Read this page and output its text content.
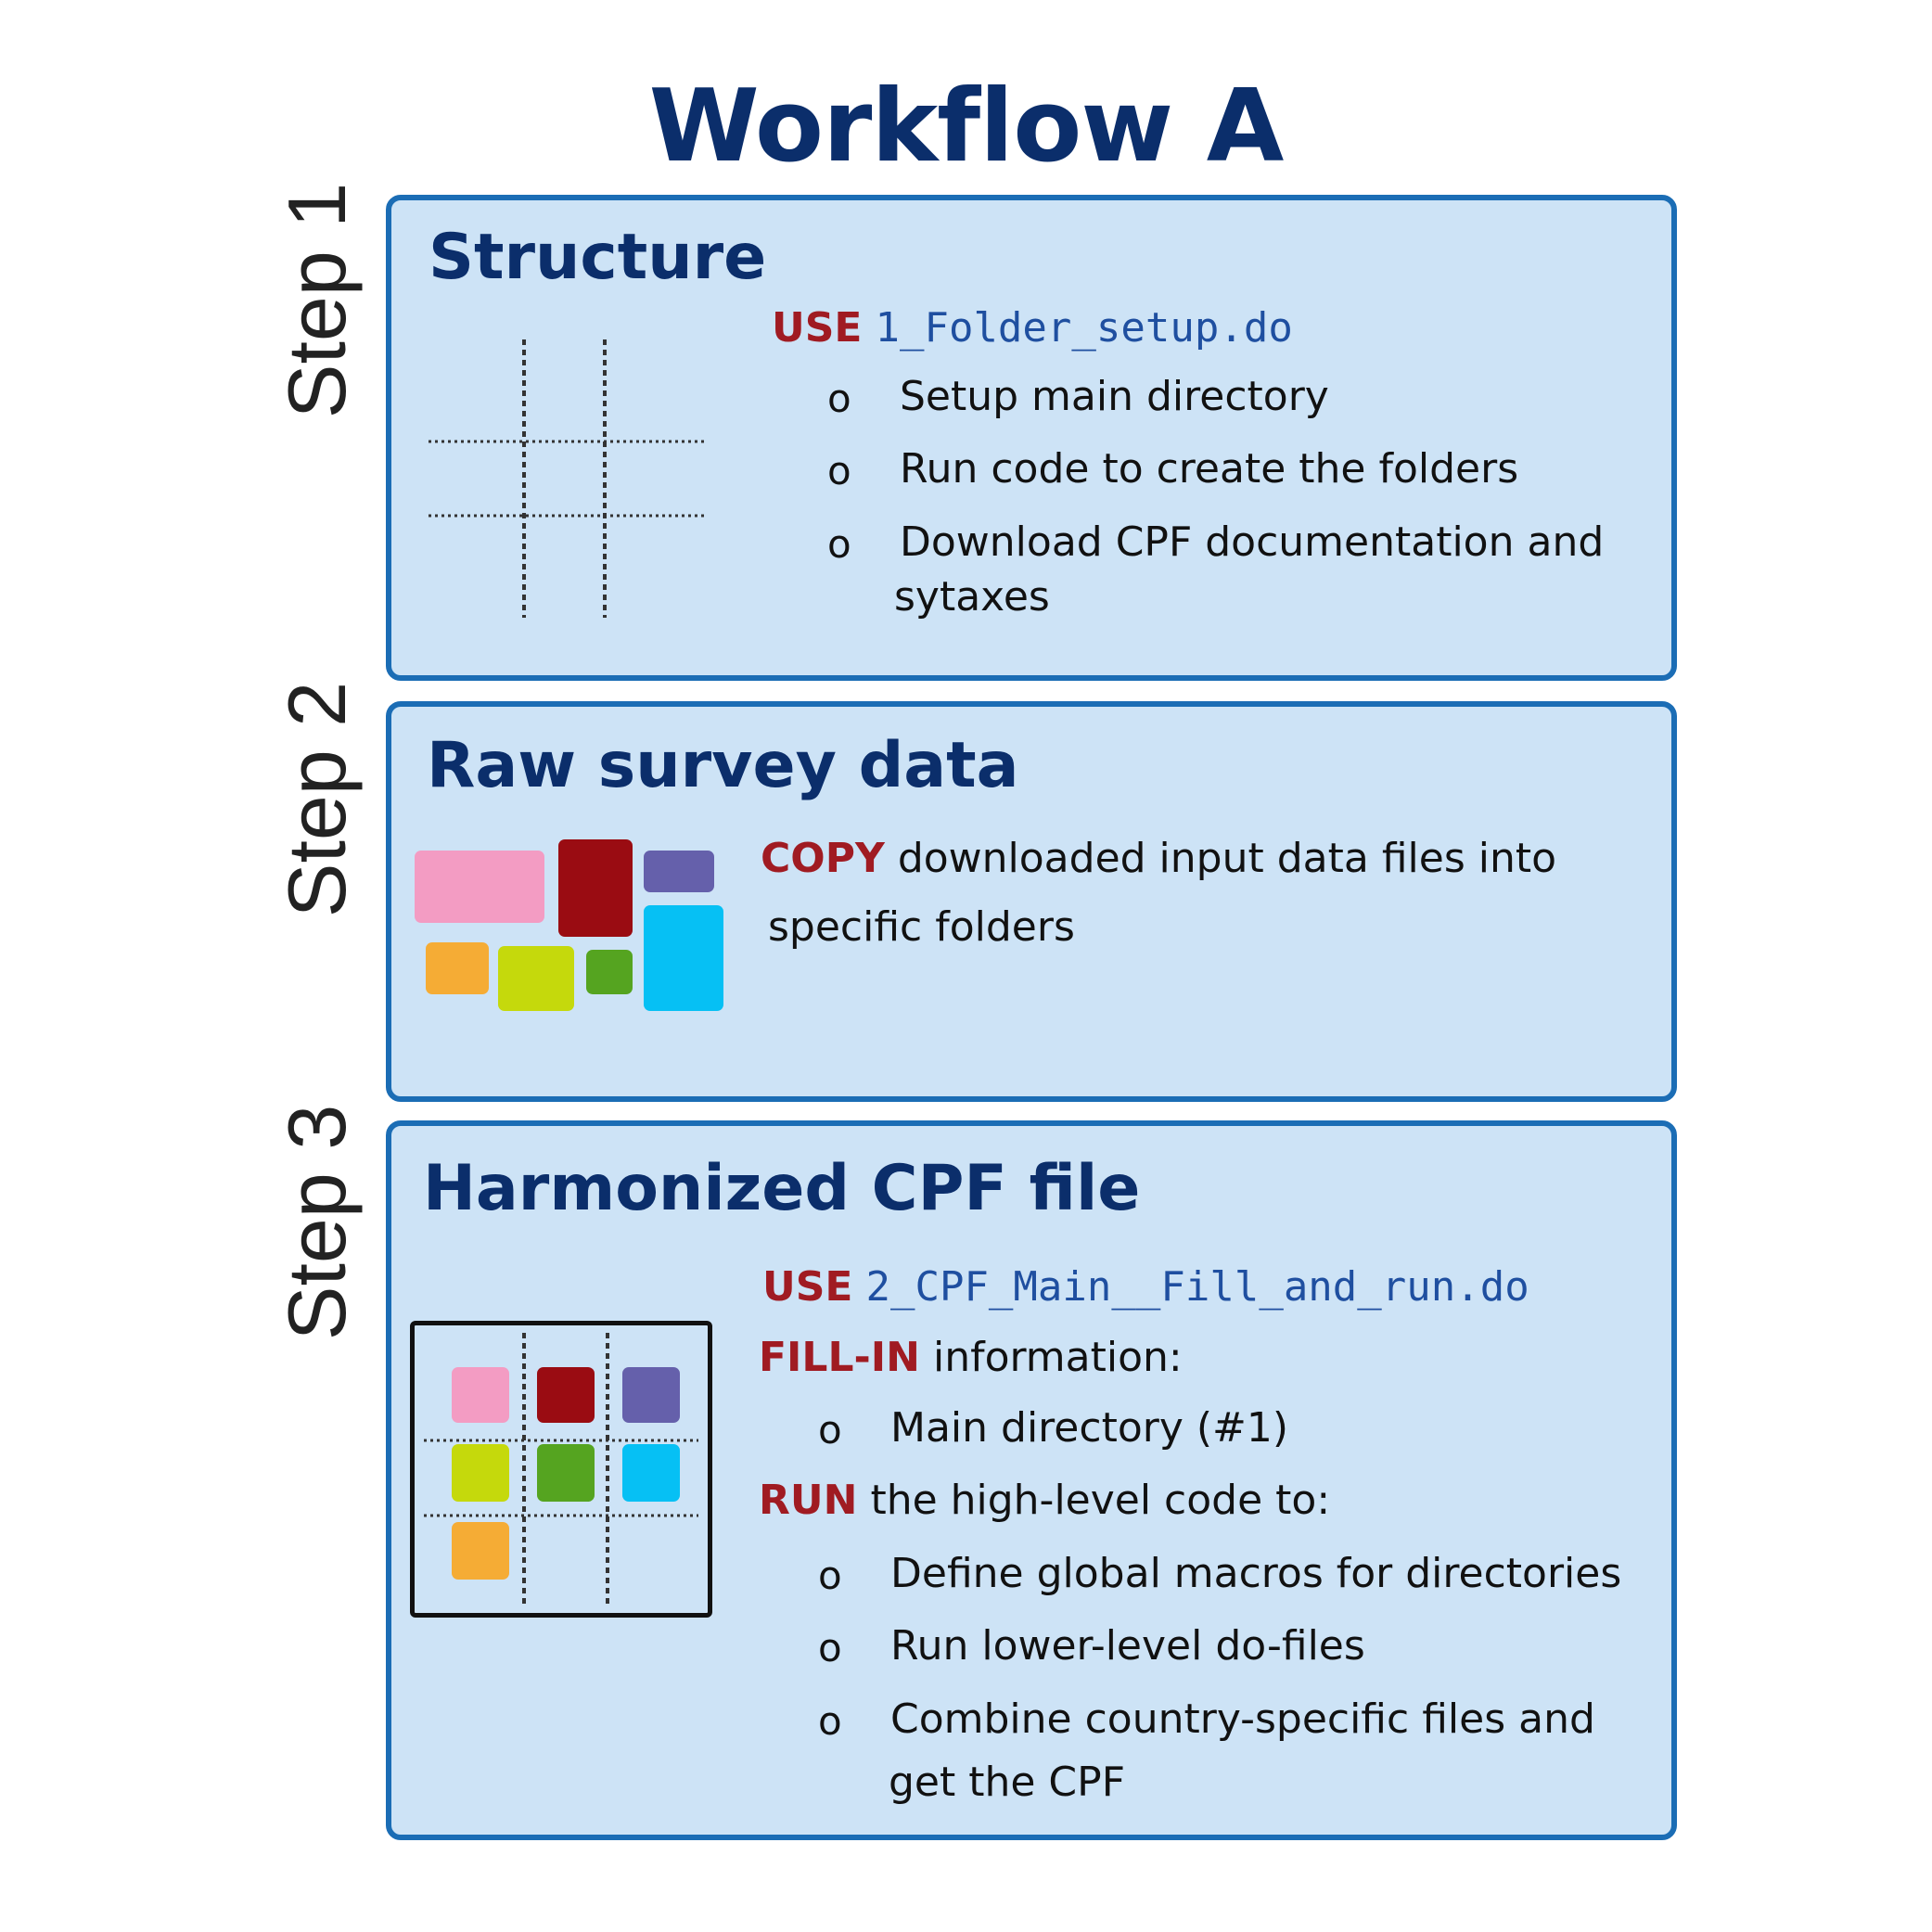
Workflow A
Step 1
Step 2
Step 3
Structure
USE 1_Folder_setup.do
o Setup main directory
o Run code to create the folders
o Download CPF documentation and
sytaxes
Raw survey data
COPY downloaded input data files into
specific folders
Harmonized CPF file
USE 2_CPF_Main__Fill_and_run.do
FILL-IN information:
o Main directory (#1)
RUN the high-level code to:
o Define global macros for directories
o Run lower-level do-files
o Combine country-specific files and
get the CPF
